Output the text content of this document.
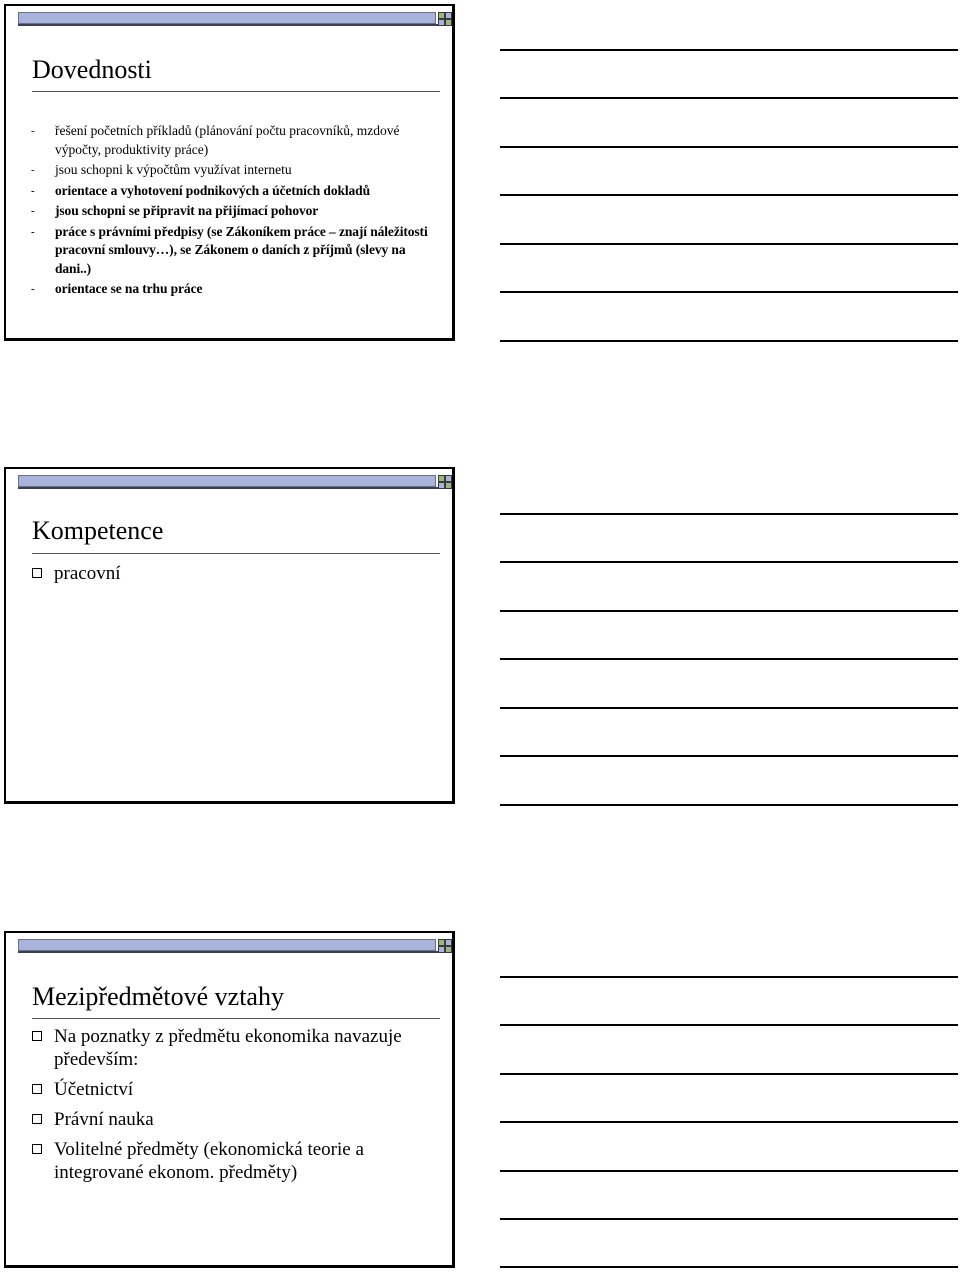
Dovednosti
- řešení početních příkladů (plánování počtu pracovníků, mzdové výpočty, produktivity práce)
- jsou schopni k výpočtům využívat internetu
- orientace a vyhotovení podnikových a účetních dokladů
- jsou schopni se připravit na přijímací pohovor
- práce s právními předpisy (se Zákoníkem práce – znají náležitosti pracovní smlouvy…), se Zákonem o daních z příjmů (slevy na dani..)
- orientace se na trhu práce
Kompetence
pracovní
Mezipředmětové vztahy
Na poznatky z předmětu ekonomika navazuje především:
Účetnictví
Právní nauka
Volitelné předměty (ekonomická teorie a integrované ekonom. předměty)
